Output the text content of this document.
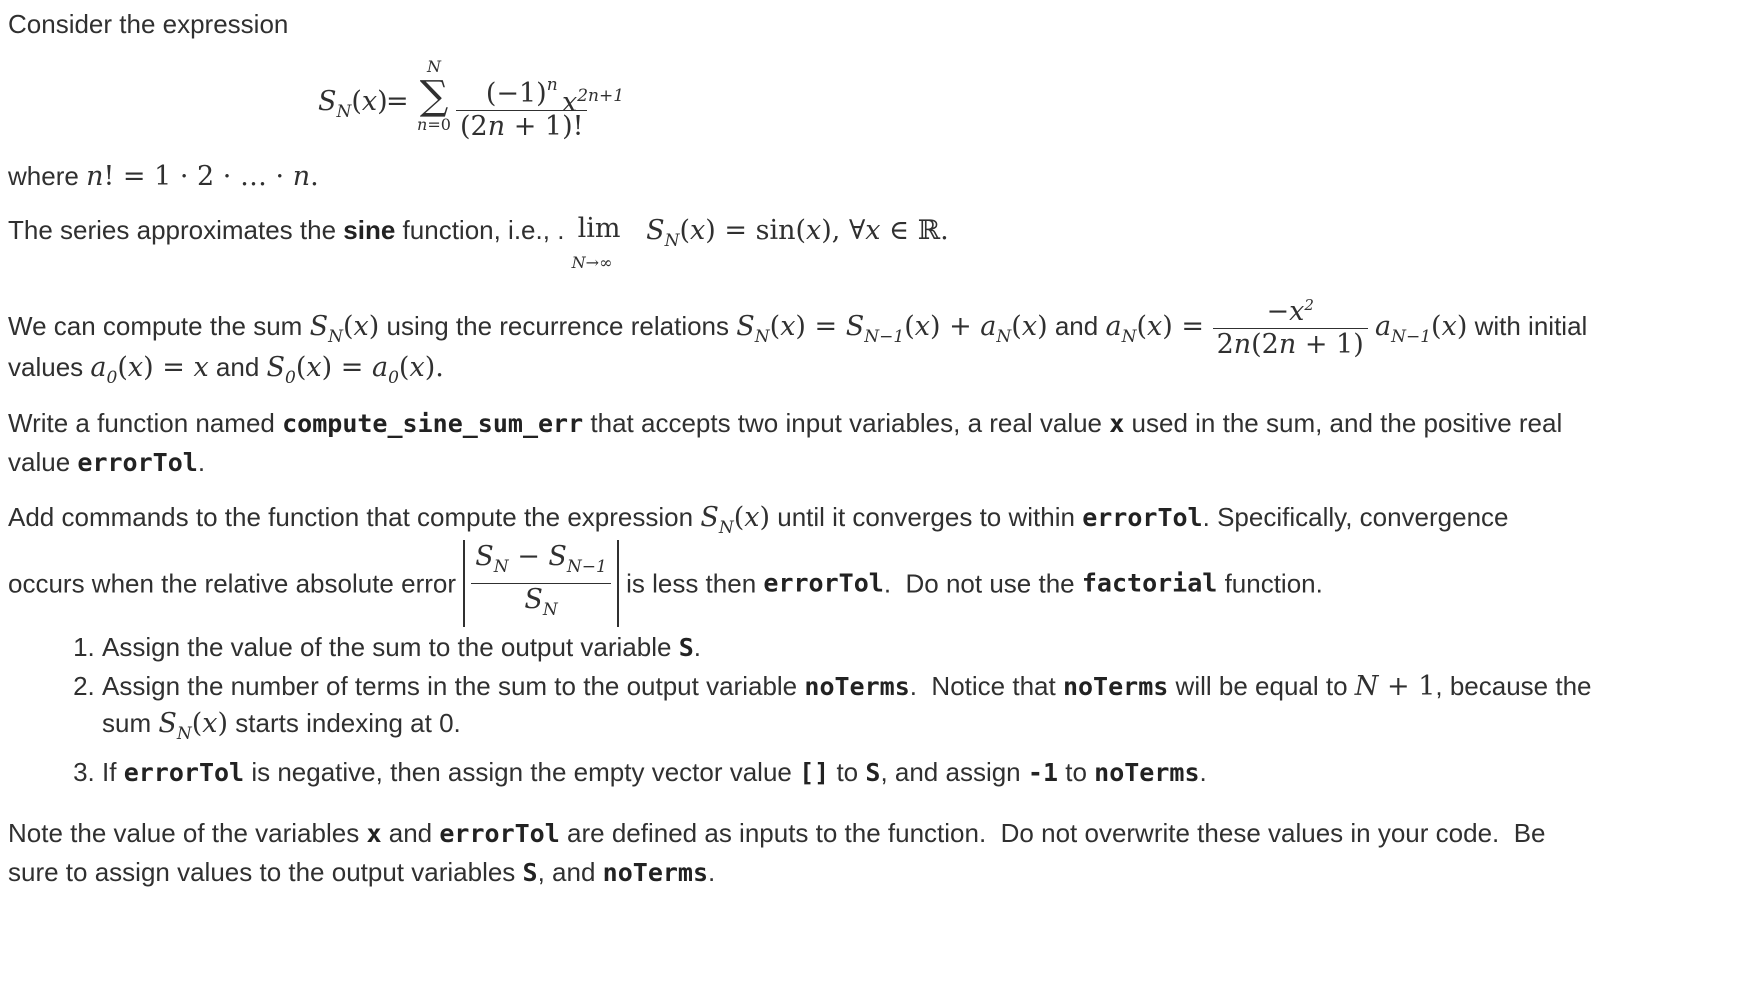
Consider the expression
$S_N(x)$
=
N
∑
$n=0 \frac{(-1)^n}{(2n + 1)!}$
$x^{2n+1}$
where n! = 1 · 2 · … · n.
The series approximates the sine function, i.e., . lim
N→∞
$S_N(x) = \sin(x)$, ∀x ∈ ℝ.
We can compute the sum $S_N(x)$ using the recurrence relations $S_N(x) = S_{N-1}(x) + a_N(x)$ and $a_N(x) = \frac{-x^2}{2n(2n + 1)} a_{N-1}(x)$ with initial
values $a_0(x) = x$ and $S_0(x) = a_0(x)$.
Write a function named compute_sine_sum_err that accepts two input variables, a real value x used in the sum, and the positive real
value errorTol.
Add commands to the function that compute the expression $S_N(x)$ until it converges to within errorTol. Specifically, convergence
occurs when the relative absolute error $\frac{S_N - S_{N-1}}{S_N}$ is less then errorTol.  Do not use the factorial function.
1. Assign the value of the sum to the output variable S.
2. Assign the number of terms in the sum to the output variable noTerms.  Notice that noTerms will be equal to N + 1, because the
sum $S_N(x)$ starts indexing at 0.
3. If errorTol is negative, then assign the empty vector value [] to S, and assign -1 to noTerms.
Note the value of the variables x and errorTol are defined as inputs to the function.  Do not overwrite these values in your code.  Be
sure to assign values to the output variables S, and noTerms.
